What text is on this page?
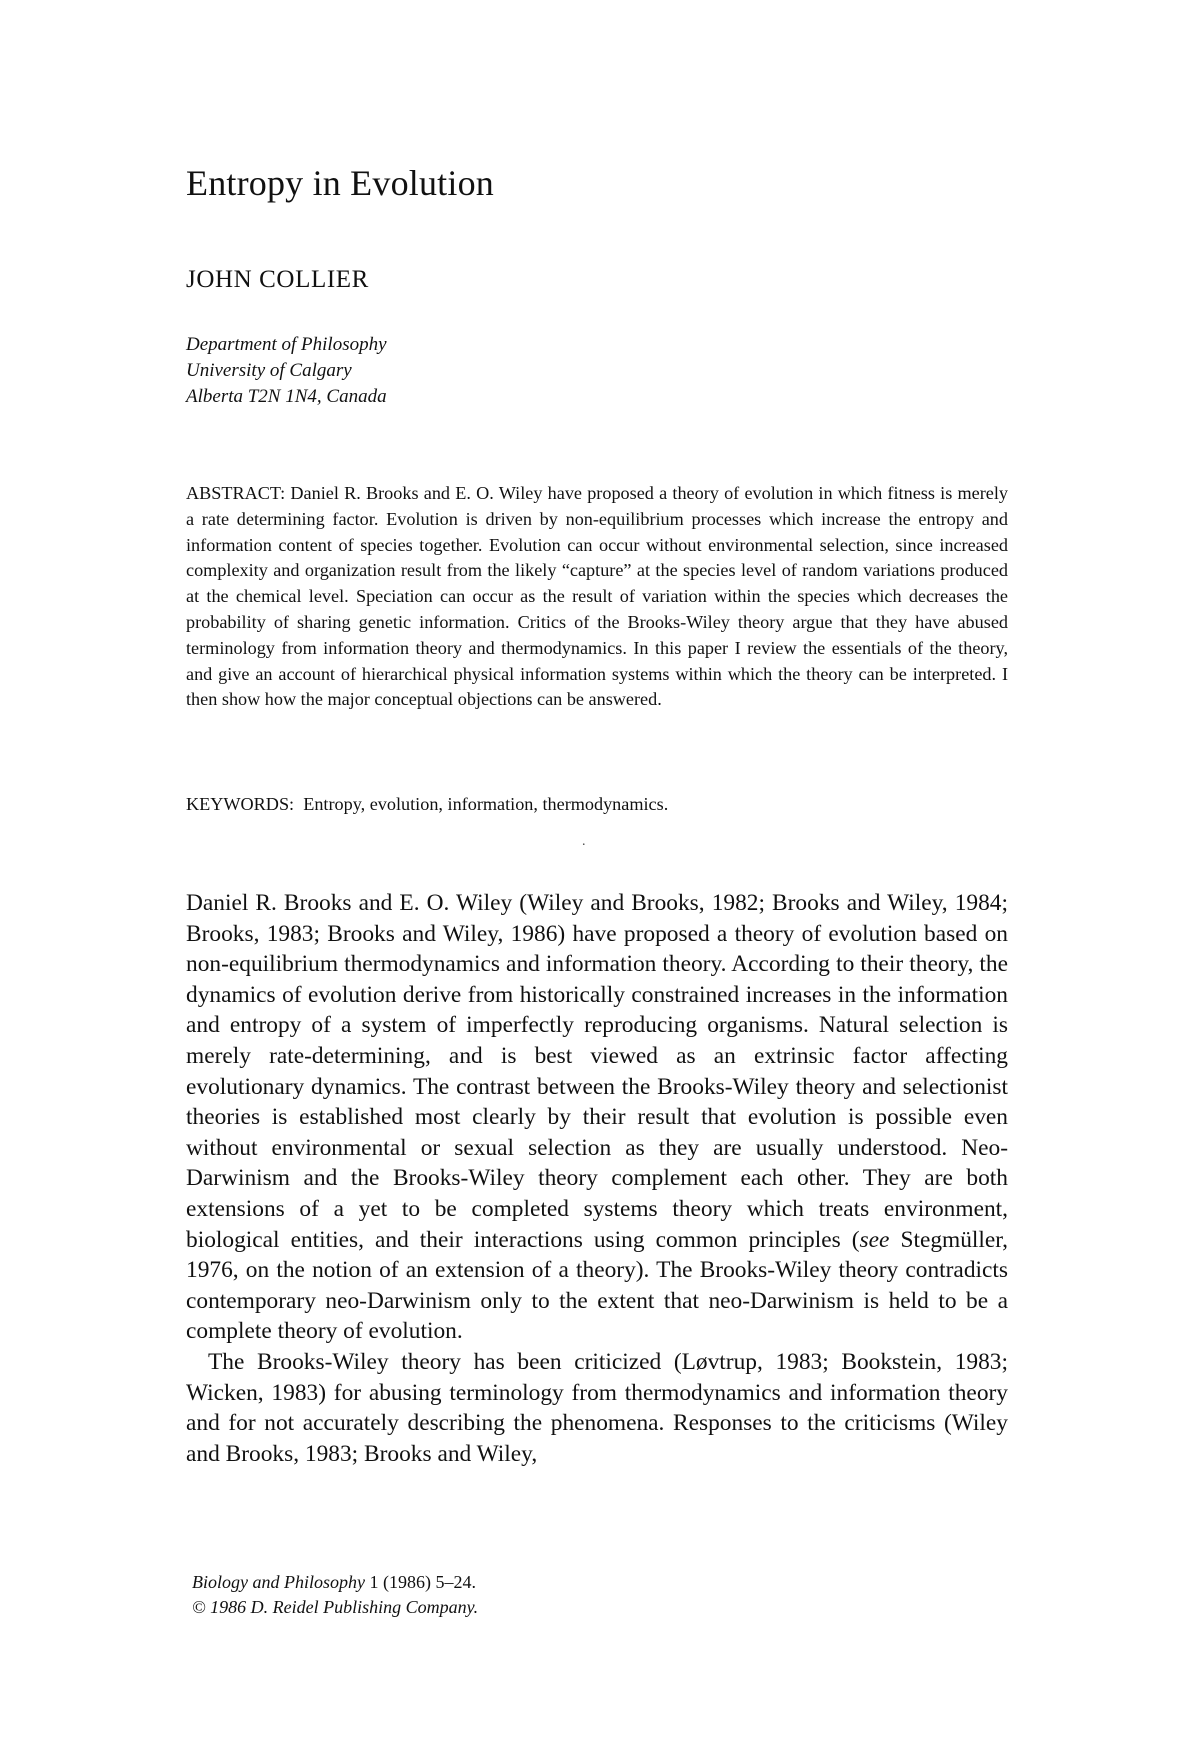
Entropy in Evolution
JOHN COLLIER
Department of Philosophy
University of Calgary
Alberta T2N 1N4, Canada

ABSTRACT: Daniel R. Brooks and E. O. Wiley have proposed a theory of evolution in which fitness is merely a rate determining factor. Evolution is driven by non-equilibrium processes which increase the entropy and information content of species together. Evolution can occur without environmental selection, since increased complexity and organization result from the likely “capture” at the species level of random variations produced at the chemical level. Speciation can occur as the result of variation within the species which decreases the probability of sharing genetic information. Critics of the Brooks-Wiley theory argue that they have abused terminology from information theory and thermodynamics. In this paper I review the essentials of the theory, and give an account of hierarchical physical information systems within which the theory can be interpreted. I then show how the major conceptual objections can be answered.

KEYWORDS: Entropy, evolution, information, thermodynamics.

.

Daniel R. Brooks and E. O. Wiley (Wiley and Brooks, 1982; Brooks and Wiley, 1984; Brooks, 1983; Brooks and Wiley, 1986) have proposed a theory of evolution based on non-equilibrium thermodynamics and information theory. According to their theory, the dynamics of evolution derive from historically constrained increases in the information and entropy of a system of imperfectly reproducing organisms. Natural selection is merely rate-determining, and is best viewed as an extrinsic factor affecting evolutionary dynamics. The contrast between the Brooks-Wiley theory and selectionist theories is established most clearly by their result that evolution is possible even without environmental or sexual selection as they are usually understood. Neo-Darwinism and the Brooks-Wiley theory complement each other. They are both extensions of a yet to be completed systems theory which treats environment, biological entities, and their interactions using common principles (see Stegmüller, 1976, on the notion of an extension of a theory). The Brooks-Wiley theory contradicts contemporary neo-Darwinism only to the extent that neo-Darwinism is held to be a complete theory of evolution.

The Brooks-Wiley theory has been criticized (Løvtrup, 1983; Bookstein, 1983; Wicken, 1983) for abusing terminology from thermodynamics and information theory and for not accurately describing the phenomena. Responses to the criticisms (Wiley and Brooks, 1983; Brooks and Wiley,

Biology and Philosophy 1 (1986) 5–24.
© 1986 D. Reidel Publishing Company.
